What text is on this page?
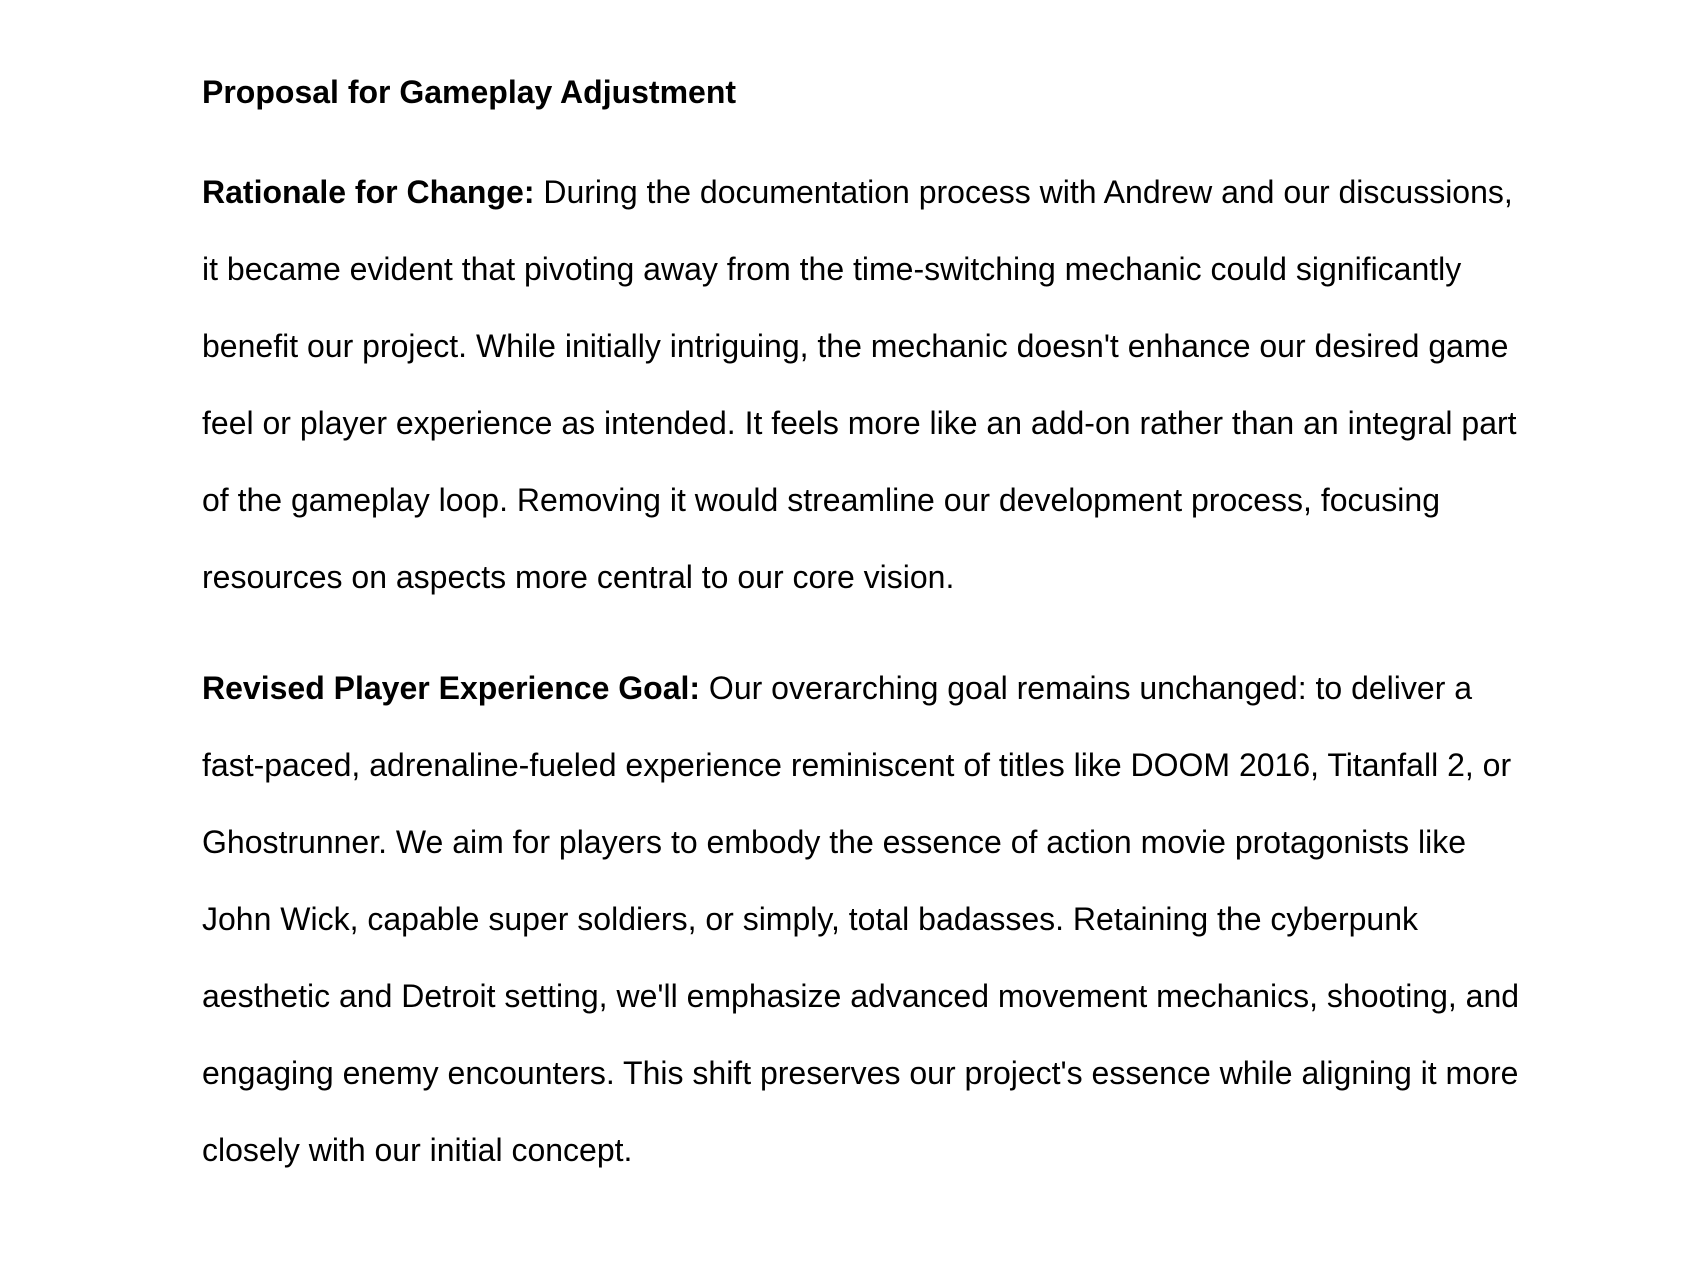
Proposal for Gameplay Adjustment

Rationale for Change: During the documentation process with Andrew and our discussions, it became evident that pivoting away from the time-switching mechanic could significantly benefit our project. While initially intriguing, the mechanic doesn't enhance our desired game feel or player experience as intended. It feels more like an add-on rather than an integral part of the gameplay loop. Removing it would streamline our development process, focusing resources on aspects more central to our core vision.

Revised Player Experience Goal: Our overarching goal remains unchanged: to deliver a fast-paced, adrenaline-fueled experience reminiscent of titles like DOOM 2016, Titanfall 2, or Ghostrunner. We aim for players to embody the essence of action movie protagonists like John Wick, capable super soldiers, or simply, total badasses. Retaining the cyberpunk aesthetic and Detroit setting, we'll emphasize advanced movement mechanics, shooting, and engaging enemy encounters. This shift preserves our project's essence while aligning it more closely with our initial concept.
